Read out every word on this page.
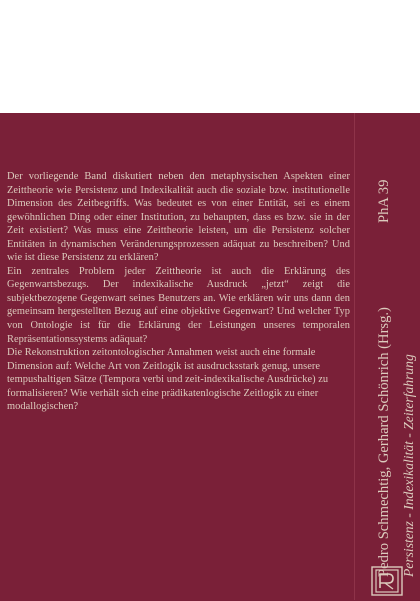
Der vorliegende Band diskutiert neben den metaphysischen Aspekten einer Zeittheorie wie Persistenz und Indexikalität auch die soziale bzw. institutionelle Dimension des Zeitbegriffs. Was bedeutet es von einer Entität, sei es einem gewöhnlichen Ding oder einer Institution, zu behaupten, dass es bzw. sie in der Zeit existiert? Was muss eine Zeittheorie leisten, um die Persistenz solcher Entitäten in dynamischen Veränderungsprozessen adäquat zu beschreiben? Und wie ist diese Persistenz zu erklären?

Ein zentrales Problem jeder Zeittheorie ist auch die Erklärung des Gegenwartsbezugs. Der indexikalische Ausdruck „jetzt“ zeigt die subjektbezogene Gegenwart seines Benutzers an. Wie erklären wir uns dann den gemeinsam hergestellten Bezug auf eine objektive Gegenwart? Und welcher Typ von Ontologie ist für die Erklärung der Leistungen unseres temporalen Repräsentationssystems adäquat?

Die Rekonstruktion zeitontologischer Annahmen weist auch eine formale Dimension auf: Welche Art von Zeitlogik ist ausdrucksstark genug, unsere tempushaltigen Sätze (Tempora verbi und zeit-indexikalische Ausdrücke) zu formalisieren? Wie verhält sich eine prädikatenlogische Zeitlogik zu einer modallogischen?	Pedro Schmechtig, Gerhard Schönrich (Hrsg.) Persistenz - Indexikalität - Zeiterfahrung
PhA 39
